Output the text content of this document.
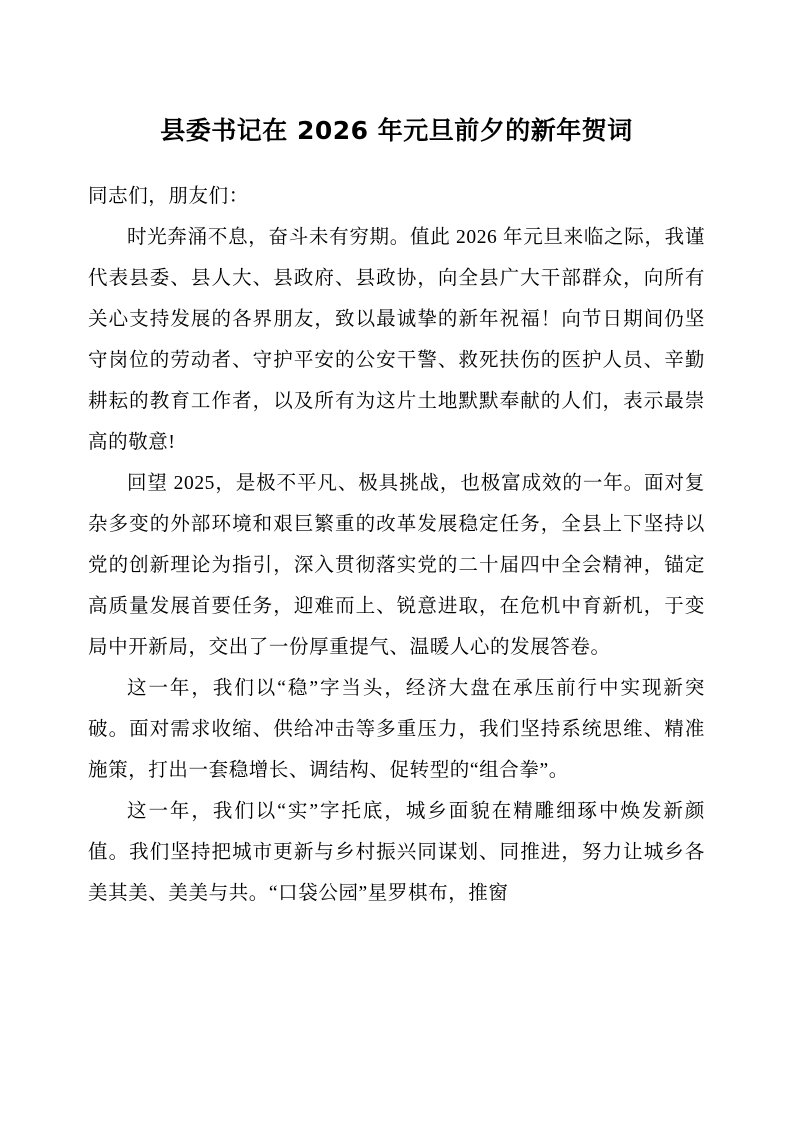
县委书记在 2026 年元旦前夕的新年贺词

同志们，朋友们：

时光奔涌不息，奋斗未有穷期。值此 2026 年元旦来临之际，我谨代表县委、县人大、县政府、县政协，向全县广大干部群众，向所有关心支持发展的各界朋友，致以最诚挚的新年祝福！向节日期间仍坚守岗位的劳动者、守护平安的公安干警、救死扶伤的医护人员、辛勤耕耘的教育工作者，以及所有为这片土地默默奉献的人们，表示最崇高的敬意!

回望 2025，是极不平凡、极具挑战，也极富成效的一年。面对复杂多变的外部环境和艰巨繁重的改革发展稳定任务，全县上下坚持以党的创新理论为指引，深入贯彻落实党的二十届四中全会精神，锚定高质量发展首要任务，迎难而上、锐意进取，在危机中育新机，于变局中开新局，交出了一份厚重提气、温暖人心的发展答卷。

这一年，我们以“稳”字当头，经济大盘在承压前行中实现新突破。面对需求收缩、供给冲击等多重压力，我们坚持系统思维、精准施策，打出一套稳增长、调结构、促转型的“组合拳”。

这一年，我们以“实”字托底，城乡面貌在精雕细琢中焕发新颜值。我们坚持把城市更新与乡村振兴同谋划、同推进，努力让城乡各美其美、美美与共。“口袋公园”星罗棋布，推窗
